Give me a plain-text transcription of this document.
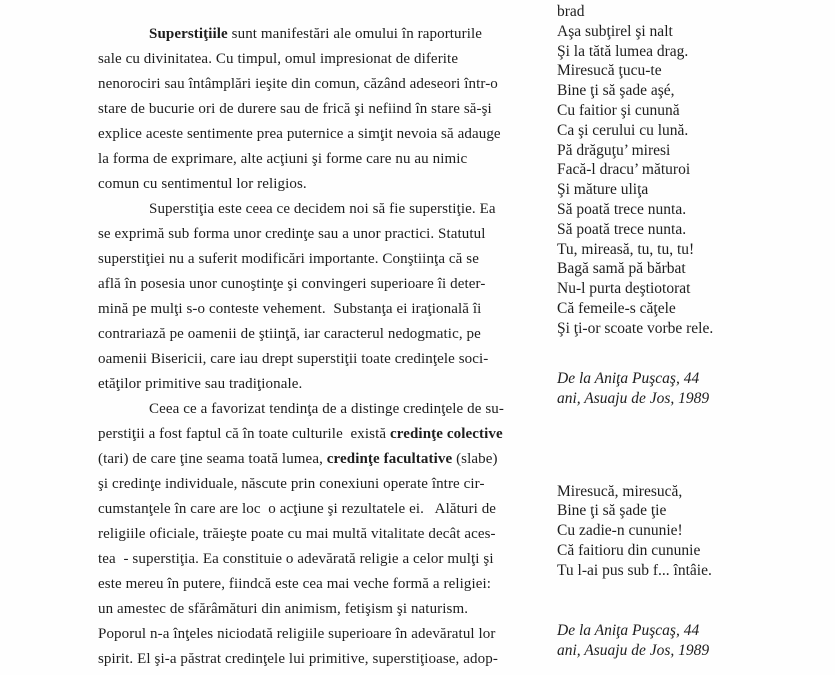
Superstiţiile sunt manifestări ale omului în raporturile
sale cu divinitatea. Cu timpul, omul impresionat de diferite
nenorociri sau întâmplări ieşite din comun, căzând adeseori într-o
stare de bucurie ori de durere sau de frică şi nefiind în stare să-şi
explice aceste sentimente prea puternice a simţit nevoia să adauge
la forma de exprimare, alte acţiuni şi forme care nu au nimic
comun cu sentimentul lor religios.
Superstiţia este ceea ce decidem noi să fie superstiţie. Ea
se exprimă sub forma unor credinţe sau a unor practici. Statutul
superstiţiei nu a suferit modificări importante. Conştiinţa că se
află în posesia unor cunoştinţe şi convingeri superioare îi deter-
mină pe mulţi s-o conteste vehement.  Substanţa ei iraţională îi
contrariază pe oamenii de ştiinţă, iar caracterul nedogmatic, pe
oamenii Bisericii, care iau drept superstiţii toate credinţele soci-
etăţilor primitive sau tradiţionale.
Ceea ce a favorizat tendinţa de a distinge credinţele de su-
perstiţii a fost faptul că în toate culturile  există credinţe colective
(tari) de care ţine seama toată lumea, credinţe facultative (slabe)
şi credinţe individuale, născute prin conexiuni operate între cir-
cumstanţele în care are loc  o acţiune şi rezultatele ei.   Alături de
religiile oficiale, trăieşte poate cu mai multă vitalitate decât aces-
tea  - superstiţia. Ea constituie o adevărată religie a celor mulţi şi
este mereu în putere, fiindcă este cea mai veche formă a religiei:
un amestec de sfărâmături din animism, fetişism şi naturism.
Poporul n-a înţeles niciodată religiile superioare în adevăratul lor
spirit. El şi-a păstrat credinţele lui primitive, superstiţioase, adop-
brad
Aşa subţirel şi nalt
Şi la tătă lumea drag.
Miresucă ţucu-te
Bine ţi să şade aşé,
Cu faitior şi cunună
Ca şi cerului cu lună.
Pă drăguţu’ miresi
Facă-l dracu’ măturoi
Şi măture uliţa
Să poată trece nunta.
Să poată trece nunta.
Tu, mireasă, tu, tu, tu!
Bagă samă pă bărbat
Nu-l purta deştiotorat
Că femeile-s căţele
Şi ţi-or scoate vorbe rele.
De la Aniţa Puşcaş, 44
ani, Asuaju de Jos, 1989
Miresucă, miresucă,
Bine ţi să şade ţie
Cu zadie-n cununie!
Că faitioru din cununie
Tu l-ai pus sub f... întâie.
De la Aniţa Puşcaş, 44
ani, Asuaju de Jos, 1989
